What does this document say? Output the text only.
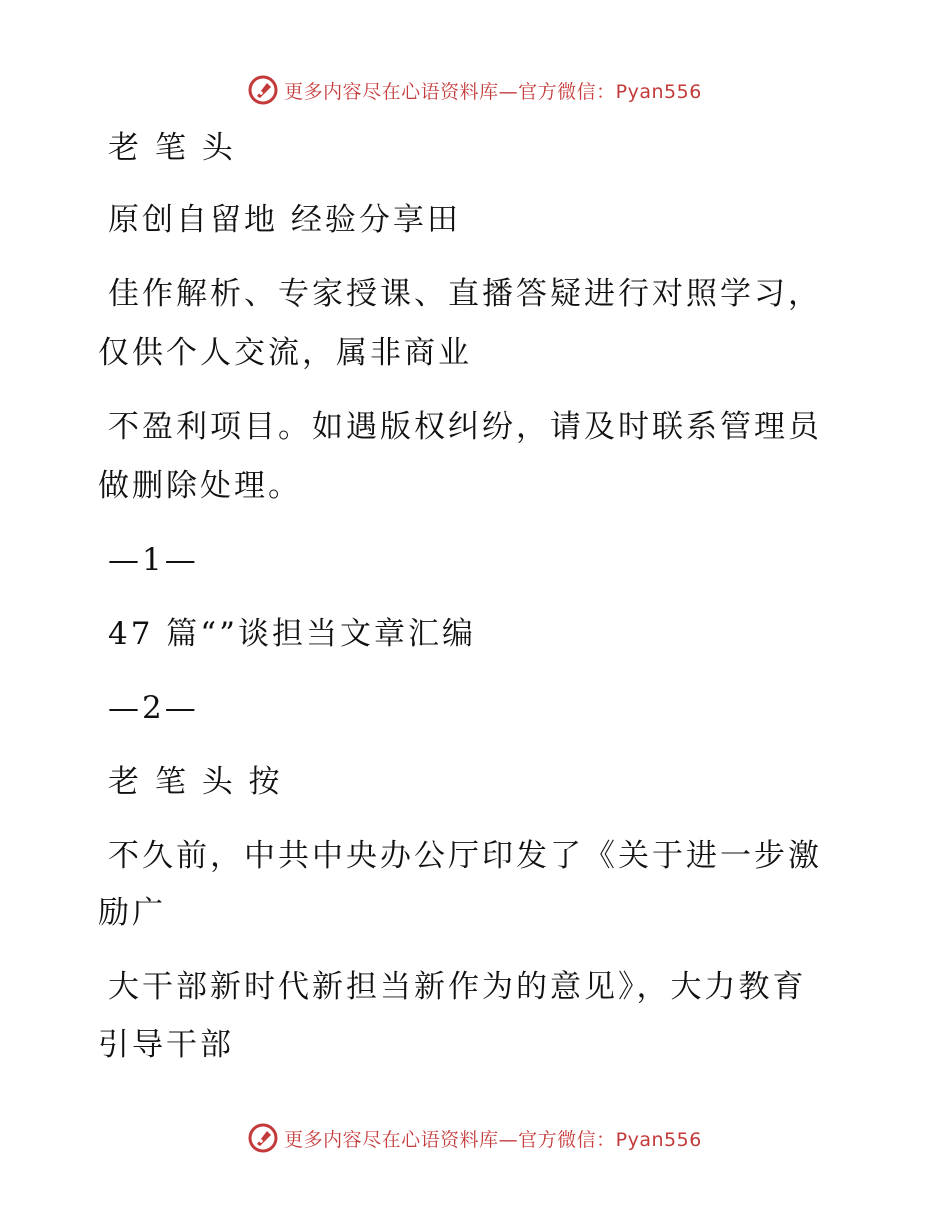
更多内容尽在心语资料库—官方微信：Pyan556
老 笔 头
原创自留地 经验分享田
佳作解析、专家授课、直播答疑进行对照学习，
仅供个人交流，属非商业
不盈利项目。如遇版权纠纷，请及时联系管理员
做删除处理。
—1—
47 篇“”谈担当文章汇编
—2—
老 笔 头 按
不久前，中共中央办公厅印发了《关于进一步激
励广
大干部新时代新担当新作为的意见》，大力教育
引导干部
更多内容尽在心语资料库—官方微信：Pyan556
